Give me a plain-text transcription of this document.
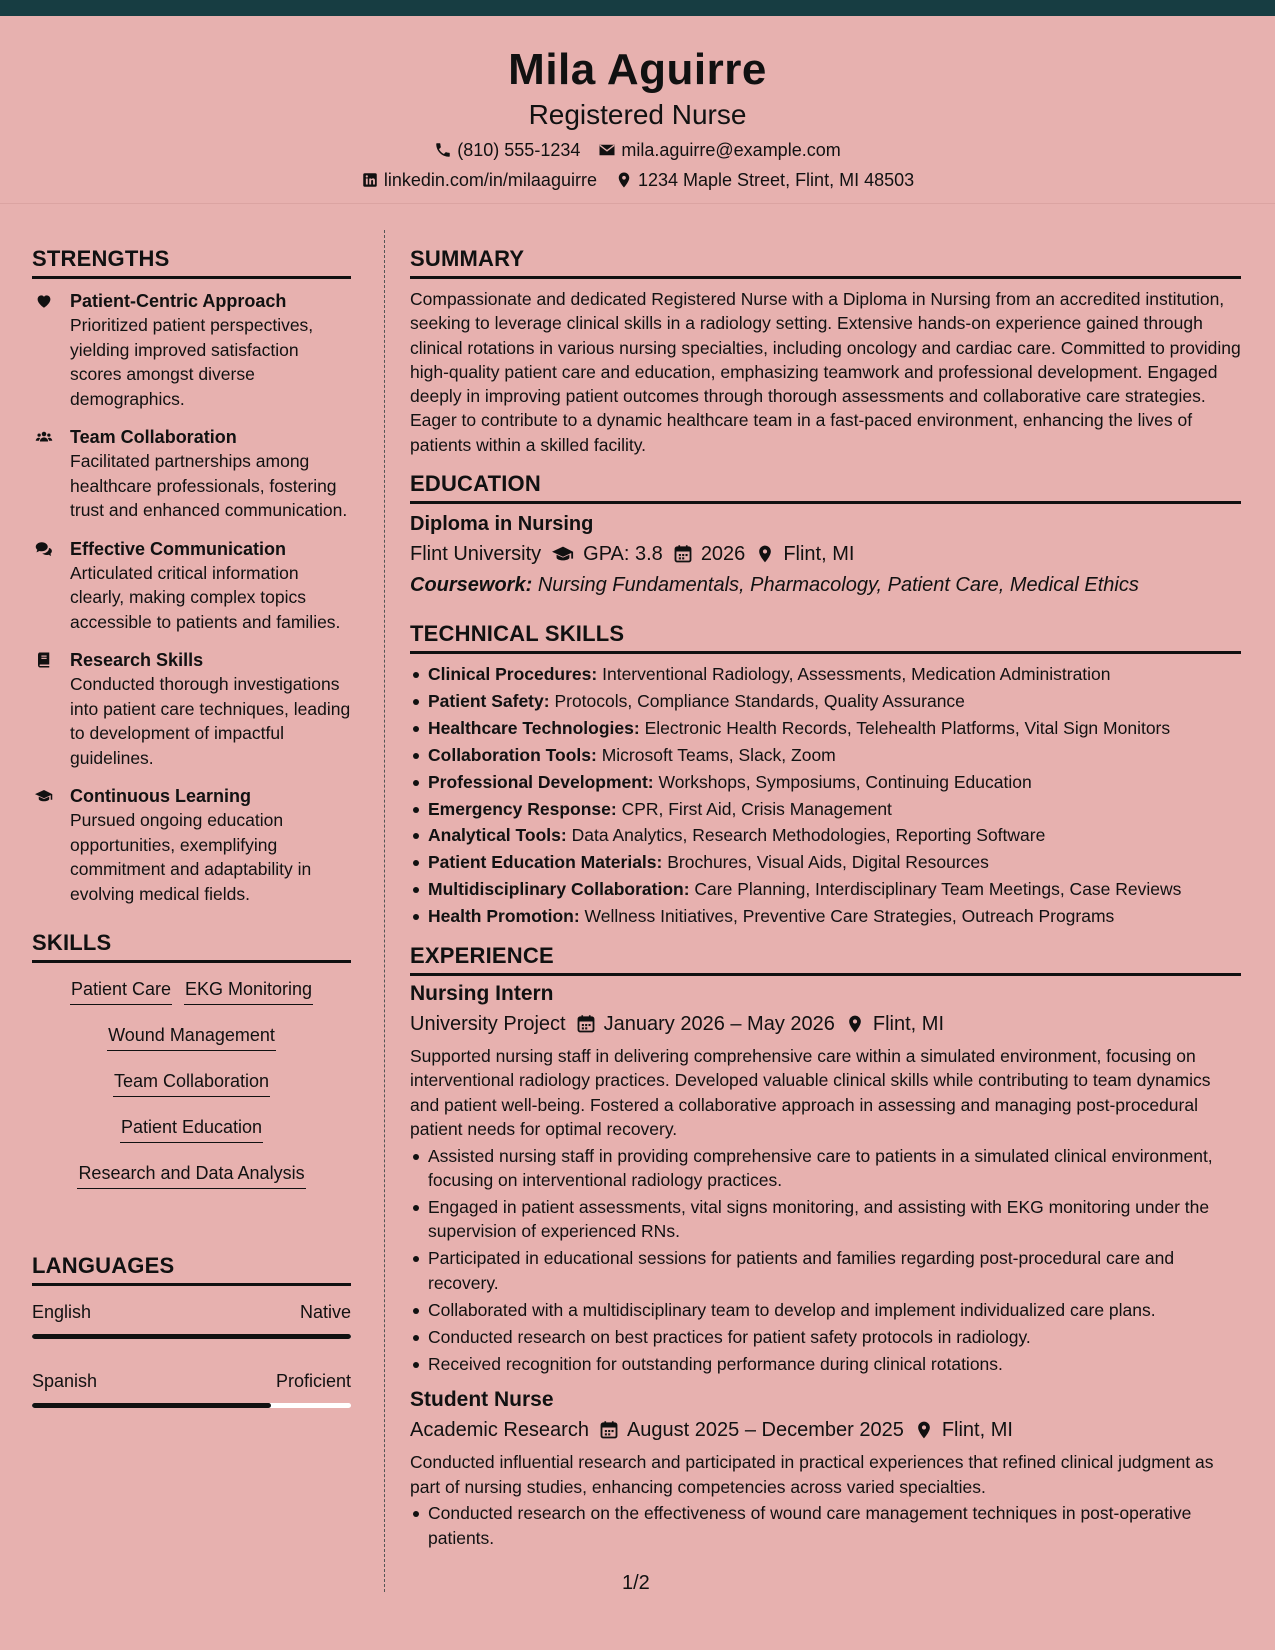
Mila Aguirre
Registered Nurse
(810) 555-1234 mila.aguirre@example.com
linkedin.com/in/milaaguirre 1234 Maple Street, Flint, MI 48503
STRENGTHS
Patient-Centric Approach
Prioritized patient perspectives, yielding improved satisfaction scores amongst diverse demographics.
Team Collaboration
Facilitated partnerships among healthcare professionals, fostering trust and enhanced communication.
Effective Communication
Articulated critical information clearly, making complex topics accessible to patients and families.
Research Skills
Conducted thorough investigations into patient care techniques, leading to development of impactful guidelines.
Continuous Learning
Pursued ongoing education opportunities, exemplifying commitment and adaptability in evolving medical fields.
SKILLS
Patient Care EKG Monitoring
Wound Management
Team Collaboration
Patient Education
Research and Data Analysis
LANGUAGES
English	Native
Spanish	Proficient
SUMMARY

Compassionate and dedicated Registered Nurse with a Diploma in Nursing from an accredited institution, seeking to leverage clinical skills in a radiology setting. Extensive hands-on experience gained through clinical rotations in various nursing specialties, including oncology and cardiac care. Committed to providing high-quality patient care and education, emphasizing teamwork and professional development. Engaged deeply in improving patient outcomes through thorough assessments and collaborative care strategies. Eager to contribute to a dynamic healthcare team in a fast-paced environment, enhancing the lives of patients within a skilled facility.

EDUCATION
Diploma in Nursing
Flint University GPA: 3.8 2026 Flint, MI
Coursework: Nursing Fundamentals, Pharmacology, Patient Care, Medical Ethics
TECHNICAL SKILLS
Clinical Procedures: Interventional Radiology, Assessments, Medication Administration
Patient Safety: Protocols, Compliance Standards, Quality Assurance
Healthcare Technologies: Electronic Health Records, Telehealth Platforms, Vital Sign Monitors
Collaboration Tools: Microsoft Teams, Slack, Zoom
Professional Development: Workshops, Symposiums, Continuing Education
Emergency Response: CPR, First Aid, Crisis Management
Analytical Tools: Data Analytics, Research Methodologies, Reporting Software
Patient Education Materials: Brochures, Visual Aids, Digital Resources
Multidisciplinary Collaboration: Care Planning, Interdisciplinary Team Meetings, Case Reviews
Health Promotion: Wellness Initiatives, Preventive Care Strategies, Outreach Programs
EXPERIENCE
Nursing Intern
University Project January 2026 – May 2026 Flint, MI
Supported nursing staff in delivering comprehensive care within a simulated environment, focusing on interventional radiology practices. Developed valuable clinical skills while contributing to team dynamics and patient well-being. Fostered a collaborative approach in assessing and managing post-procedural patient needs for optimal recovery.
Assisted nursing staff in providing comprehensive care to patients in a simulated clinical environment, focusing on interventional radiology practices.
Engaged in patient assessments, vital signs monitoring, and assisting with EKG monitoring under the supervision of experienced RNs.
Participated in educational sessions for patients and families regarding post-procedural care and recovery.
Collaborated with a multidisciplinary team to develop and implement individualized care plans.
Conducted research on best practices for patient safety protocols in radiology.
Received recognition for outstanding performance during clinical rotations.
Student Nurse
Academic Research August 2025 – December 2025 Flint, MI
Conducted influential research and participated in practical experiences that refined clinical judgment as part of nursing studies, enhancing competencies across varied specialties.
Conducted research on the effectiveness of wound care management techniques in post-operative patients.
1/2
